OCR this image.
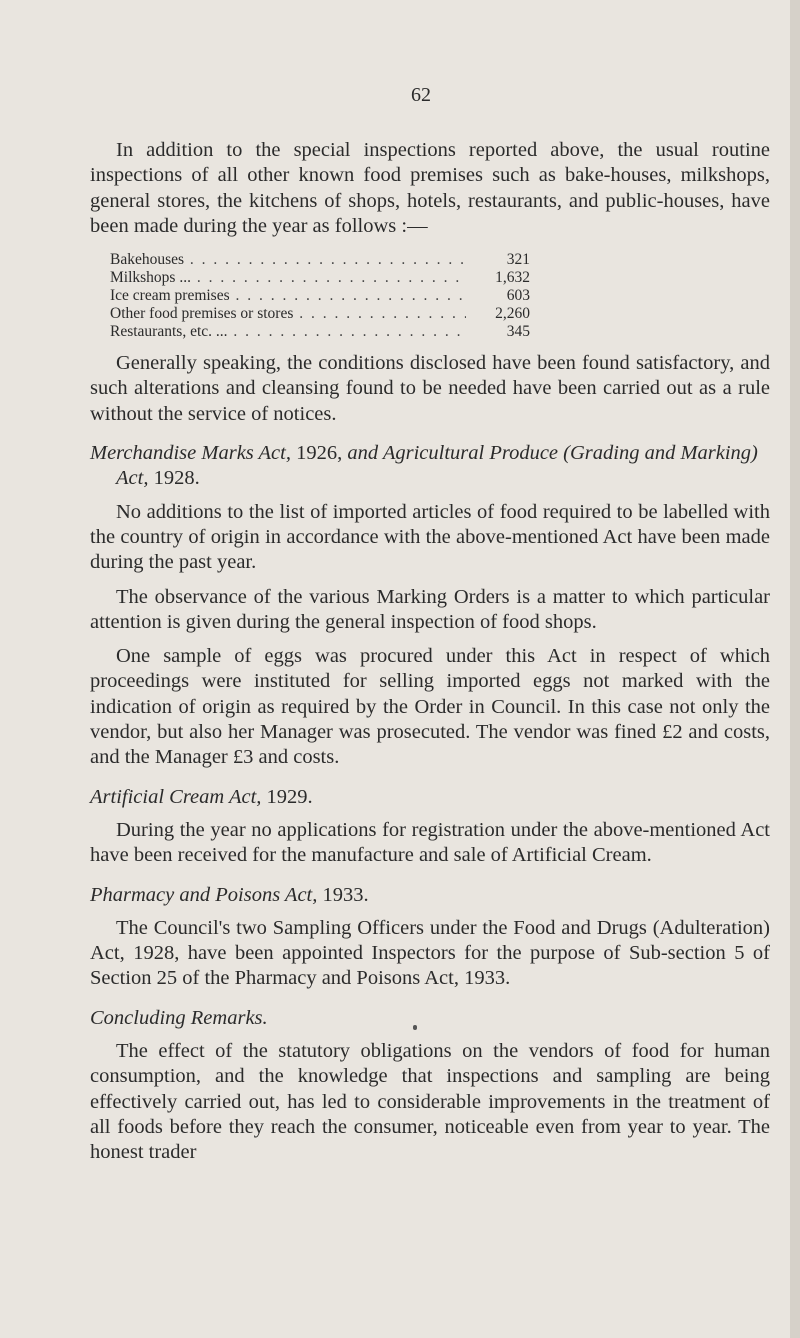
62

In addition to the special inspections reported above, the usual routine inspections of all other known food premises such as bake-houses, milkshops, general stores, the kitchens of shops, hotels, restaurants, and public-houses, have been made during the year as follows :—

Bakehouses . . .	321
Milkshops ... . . .	1,632
Ice cream premises . . .	603
Other food premises or stores . . .	2,260
Restaurants, etc. ... . . .	345

Generally speaking, the conditions disclosed have been found satisfactory, and such alterations and cleansing found to be needed have been carried out as a rule without the service of notices.

Merchandise Marks Act, 1926, and Agricultural Produce (Grading and Marking) Act, 1928.

No additions to the list of imported articles of food required to be labelled with the country of origin in accordance with the above-mentioned Act have been made during the past year.

The observance of the various Marking Orders is a matter to which particular attention is given during the general inspection of food shops.

One sample of eggs was procured under this Act in respect of which proceedings were instituted for selling imported eggs not marked with the indication of origin as required by the Order in Council. In this case not only the vendor, but also her Manager was prosecuted. The vendor was fined £2 and costs, and the Manager £3 and costs.

Artificial Cream Act, 1929.

During the year no applications for registration under the above-mentioned Act have been received for the manufacture and sale of Artificial Cream.

Pharmacy and Poisons Act, 1933.

The Council's two Sampling Officers under the Food and Drugs (Adulteration) Act, 1928, have been appointed Inspectors for the purpose of Sub-section 5 of Section 25 of the Pharmacy and Poisons Act, 1933.

Concluding Remarks.

The effect of the statutory obligations on the vendors of food for human consumption, and the knowledge that inspections and sampling are being effectively carried out, has led to considerable improvements in the treatment of all foods before they reach the consumer, noticeable even from year to year. The honest trader
